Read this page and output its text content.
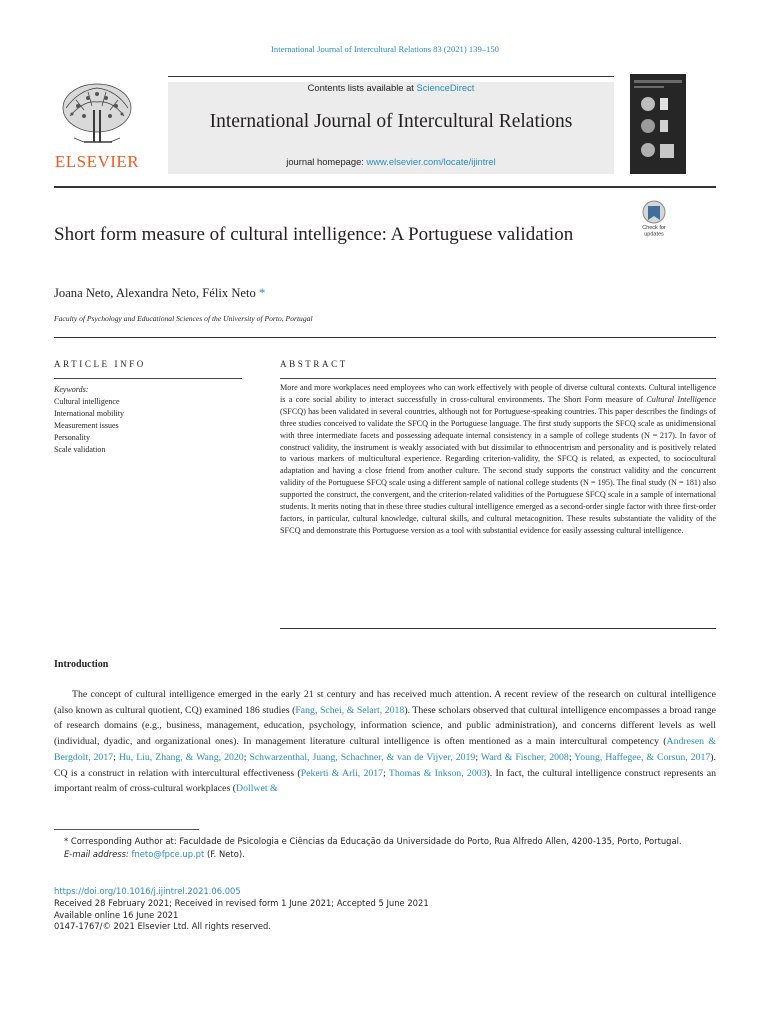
International Journal of Intercultural Relations 83 (2021) 139–150
ELSEVIER
Contents lists available at ScienceDirect
International Journal of Intercultural Relations
journal homepage: www.elsevier.com/locate/ijintrel
Check for
updates
Short form measure of cultural intelligence: A Portuguese validation
Joana Neto, Alexandra Neto, Félix Neto *
Faculty of Psychology and Educational Sciences of the University of Porto, Portugal
ARTICLE INFO	ABSTRACT
Keywords:
Cultural intelligence
International mobility
Measurement issues
Personality
Scale validation
More and more workplaces need employees who can work effectively with people of diverse cultural contexts. Cultural intelligence is a core social ability to interact successfully in cross-cultural environments. The Short Form measure of Cultural Intelligence (SFCQ) has been validated in several countries, although not for Portuguese-speaking countries. This paper describes the findings of three studies conceived to validate the SFCQ in the Portuguese language. The first study supports the SFCQ scale as unidimensional with three intermediate facets and possessing adequate internal consistency in a sample of college students (N = 217). In favor of construct validity, the instrument is weakly associated with but dissimilar to ethnocentrism and personality and is positively related to various markers of multicultural experience. Regarding criterion-validity, the SFCQ is related, as expected, to sociocultural adaptation and having a close friend from another culture. The second study supports the construct validity and the concurrent validity of the Portuguese SFCQ scale using a different sample of national college students (N = 195). The final study (N = 181) also supported the construct, the convergent, and the criterion-related validities of the Portuguese SFCQ scale in a sample of international students. It merits noting that in these three studies cultural intelligence emerged as a second-order single factor with three first-order factors, in particular, cultural knowledge, cultural skills, and cultural metacognition. These results substantiate the validity of the SFCQ and demonstrate this Portuguese version as a tool with substantial evidence for easily assessing cultural intelligence.
Introduction
The concept of cultural intelligence emerged in the early 21 st century and has received much attention. A recent review of the research on cultural intelligence (also known as cultural quotient, CQ) examined 186 studies (Fang, Schei, & Selart, 2018). These scholars observed that cultural intelligence encompasses a broad range of research domains (e.g., business, management, education, psychology, information science, and public administration), and concerns different levels as well (individual, dyadic, and organizational ones). In management literature cultural intelligence is often mentioned as a main intercultural competency (Andresen & Bergdolt, 2017; Hu, Liu, Zhang, & Wang, 2020; Schwarzenthal, Juang, Schachner, & van de Vijver, 2019; Ward & Fischer, 2008; Young, Haffegee, & Corsun, 2017). CQ is a construct in relation with intercultural effectiveness (Pekerti & Arli, 2017; Thomas & Inkson, 2003). In fact, the cultural intelligence construct represents an important realm of cross-cultural workplaces (Dollwet &
* Corresponding Author at: Faculdade de Psicologia e Ciências da Educação da Universidade do Porto, Rua Alfredo Allen, 4200-135, Porto, Portugal.
E-mail address: fneto@fpce.up.pt (F. Neto).
https://doi.org/10.1016/j.ijintrel.2021.06.005
Received 28 February 2021; Received in revised form 1 June 2021; Accepted 5 June 2021
Available online 16 June 2021
0147-1767/© 2021 Elsevier Ltd. All rights reserved.
